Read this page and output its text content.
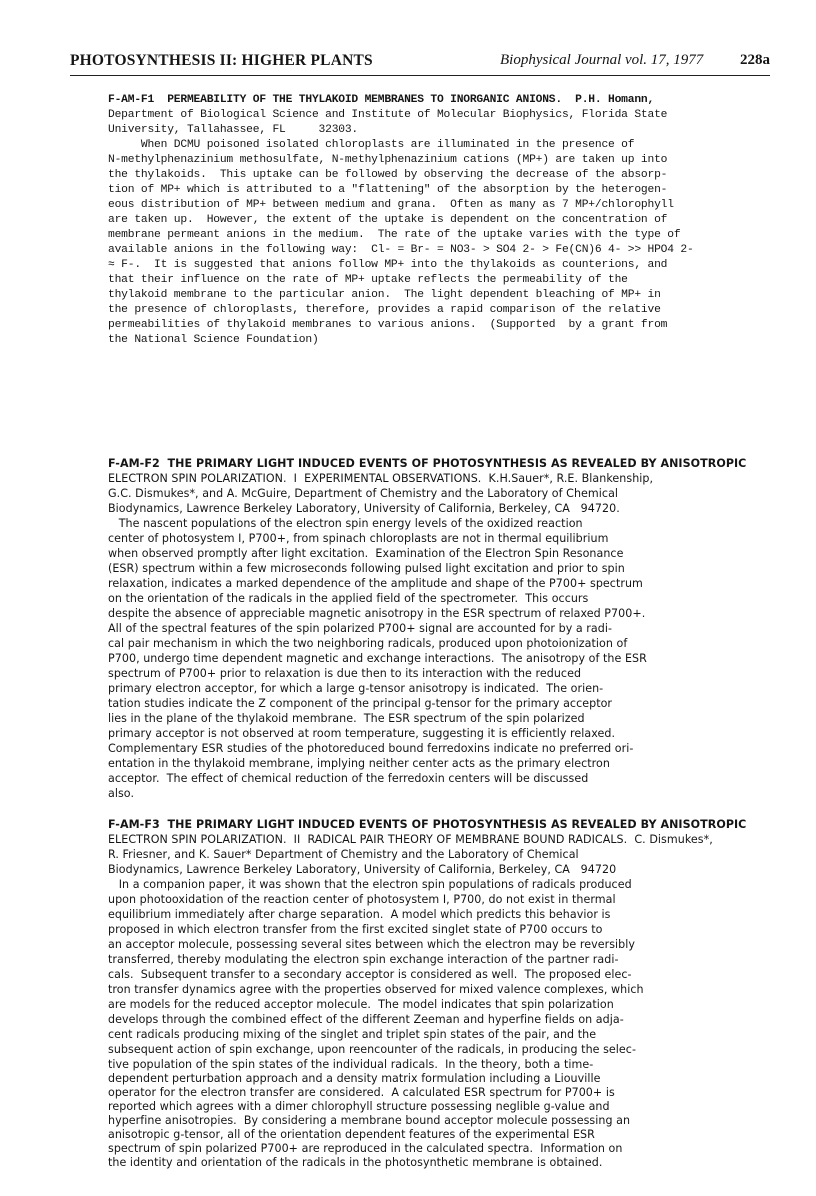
PHOTOSYNTHESIS II: HIGHER PLANTS	Biophysical Journal vol. 17, 1977 228a
F-AM-F1  PERMEABILITY OF THE THYLAKOID MEMBRANES TO INORGANIC ANIONS.  P.H. Homann,
Department of Biological Science and Institute of Molecular Biophysics, Florida State
University, Tallahassee, FL     32303.
When DCMU poisoned isolated chloroplasts are illuminated in the presence of
N-methylphenazinium methosulfate, N-methylphenazinium cations (MP+) are taken up into
the thylakoids.  This uptake can be followed by observing the decrease of the absorp-
tion of MP+ which is attributed to a "flattening" of the absorption by the heterogen-
eous distribution of MP+ between medium and grana.  Often as many as 7 MP+/chlorophyll
are taken up.  However, the extent of the uptake is dependent on the concentration of
membrane permeant anions in the medium.  The rate of the uptake varies with the type of
available anions in the following way:  Cl- = Br- = NO3- > SO4 2- > Fe(CN)6 4- >> HPO4 2-
≈ F-.  It is suggested that anions follow MP+ into the thylakoids as counterions, and
that their influence on the rate of MP+ uptake reflects the permeability of the
thylakoid membrane to the particular anion.  The light dependent bleaching of MP+ in
the presence of chloroplasts, therefore, provides a rapid comparison of the relative
permeabilities of thylakoid membranes to various anions.  (Supported  by a grant from
the National Science Foundation)
F-AM-F2  THE PRIMARY LIGHT INDUCED EVENTS OF PHOTOSYNTHESIS AS REVEALED BY ANISOTROPIC
ELECTRON SPIN POLARIZATION.  I  EXPERIMENTAL OBSERVATIONS.  K.H.Sauer*, R.E. Blankenship,
G.C. Dismukes*, and A. McGuire, Department of Chemistry and the Laboratory of Chemical
Biodynamics, Lawrence Berkeley Laboratory, University of California, Berkeley, CA   94720.
The nascent populations of the electron spin energy levels of the oxidized reaction
center of photosystem I, P700+, from spinach chloroplasts are not in thermal equilibrium
when observed promptly after light excitation.  Examination of the Electron Spin Resonance
(ESR) spectrum within a few microseconds following pulsed light excitation and prior to spin
relaxation, indicates a marked dependence of the amplitude and shape of the P700+ spectrum
on the orientation of the radicals in the applied field of the spectrometer.  This occurs
despite the absence of appreciable magnetic anisotropy in the ESR spectrum of relaxed P700+.
All of the spectral features of the spin polarized P700+ signal are accounted for by a radi-
cal pair mechanism in which the two neighboring radicals, produced upon photoionization of
P700, undergo time dependent magnetic and exchange interactions.  The anisotropy of the ESR
spectrum of P700+ prior to relaxation is due then to its interaction with the reduced
primary electron acceptor, for which a large g-tensor anisotropy is indicated.  The orien-
tation studies indicate the Z component of the principal g-tensor for the primary acceptor
lies in the plane of the thylakoid membrane.  The ESR spectrum of the spin polarized
primary acceptor is not observed at room temperature, suggesting it is efficiently relaxed.
Complementary ESR studies of the photoreduced bound ferredoxins indicate no preferred ori-
entation in the thylakoid membrane, implying neither center acts as the primary electron
acceptor.  The effect of chemical reduction of the ferredoxin centers will be discussed
also.
F-AM-F3  THE PRIMARY LIGHT INDUCED EVENTS OF PHOTOSYNTHESIS AS REVEALED BY ANISOTROPIC
ELECTRON SPIN POLARIZATION.  II  RADICAL PAIR THEORY OF MEMBRANE BOUND RADICALS.  C. Dismukes*,
R. Friesner, and K. Sauer* Department of Chemistry and the Laboratory of Chemical
Biodynamics, Lawrence Berkeley Laboratory, University of California, Berkeley, CA   94720
In a companion paper, it was shown that the electron spin populations of radicals produced
upon photooxidation of the reaction center of photosystem I, P700, do not exist in thermal
equilibrium immediately after charge separation.  A model which predicts this behavior is
proposed in which electron transfer from the first excited singlet state of P700 occurs to
an acceptor molecule, possessing several sites between which the electron may be reversibly
transferred, thereby modulating the electron spin exchange interaction of the partner radi-
cals.  Subsequent transfer to a secondary acceptor is considered as well.  The proposed elec-
tron transfer dynamics agree with the properties observed for mixed valence complexes, which
are models for the reduced acceptor molecule.  The model indicates that spin polarization
develops through the combined effect of the different Zeeman and hyperfine fields on adja-
cent radicals producing mixing of the singlet and triplet spin states of the pair, and the
subsequent action of spin exchange, upon reencounter of the radicals, in producing the selec-
tive population of the spin states of the individual radicals.  In the theory, both a time-
dependent perturbation approach and a density matrix formulation including a Liouville
operator for the electron transfer are considered.  A calculated ESR spectrum for P700+ is
reported which agrees with a dimer chlorophyll structure possessing neglible g-value and
hyperfine anisotropies.  By considering a membrane bound acceptor molecule possessing an
anisotropic g-tensor, all of the orientation dependent features of the experimental ESR
spectrum of spin polarized P700+ are reproduced in the calculated spectra.  Information on
the identity and orientation of the radicals in the photosynthetic membrane is obtained.
